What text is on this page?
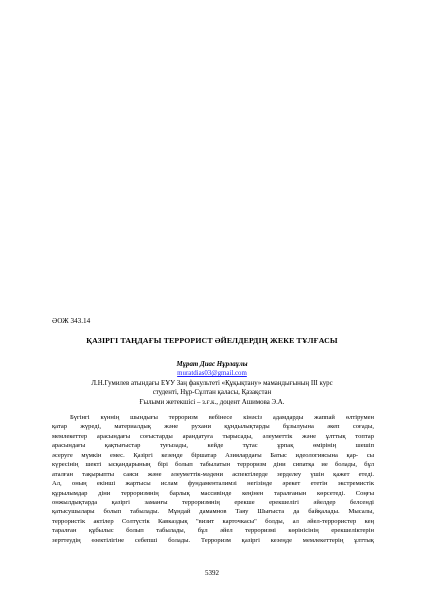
ӘОЖ 343.14
ҚАЗІРГІ ТАҢДАҒЫ ТЕРРОРИСТ ӘЙЕЛДЕРДІҢ ЖЕКЕ ТҰЛҒАСЫ
Мұрат Диас Нұрлаұлы
muratdias03@gmail.com
Л.Н.Гумилев атындағы ЕҰУ Заң факультеті «Құқықтану» мамандығының III курс
студенті, Нұр-Сұлтан қаласы, Қазақстан
Ғылыми жетекшісі – з.ғ.к., доцент Ашимова Э.А.
Бүгінгі күннің шындығы терроризм вебінесе кінәсіз адамдарды жаппай өлтірумен
қатар жүреді, материалдық және рухани құндылықтарды бұзылуына әкеп соғады,
мемлекеттер арасындағы соғыстарды арандатуға тырысады, әлеуметтік және ұлттық топтар
арасындағы қақтығыстар туғызады, кейде тұтас ұрпақ өмірінің шешіп
әсеруге мүмкін емес. Қазіргі кезеңде біршатар Азиялардағы Батыс идеологиясына қар- сы
күресінің шекті ысқандарының бірі болып табылатын терроризм діни сипатқа ие болады, бұл
аталған тақырыпты саяси және әлеуметтік-мәдени аспектілерде зерделеу үшін қажет етеді.
Ал, оның екінші жартысы ислам фундаменталимзі негізінде әрекет ететін экстремистік
құрылымдар діни терроризмнің барлық массивінде кеңінен таралғанын көрсетеді. Соңғы
онжылдықтарда қазіргі заманғы терроризмнің ерекше ерекшелігі әйелдер белсенді
қатысушылары болып табылады. Мұндай дамамнов Таяу Шығыста да байқалады. Мысалы,
террористік актілер Солтүстік Кавказдық "визит карточкасы" болды, ал әйел-террористер кең
таралған құбылыс болып табылады, бұл әйел терроризмі көрінісінің ерекшеліктерін
зерттеудің өзектілігіне себепші болады. Терроризм қазіргі кезеңде мемлекеттерің ұлттық
5392
